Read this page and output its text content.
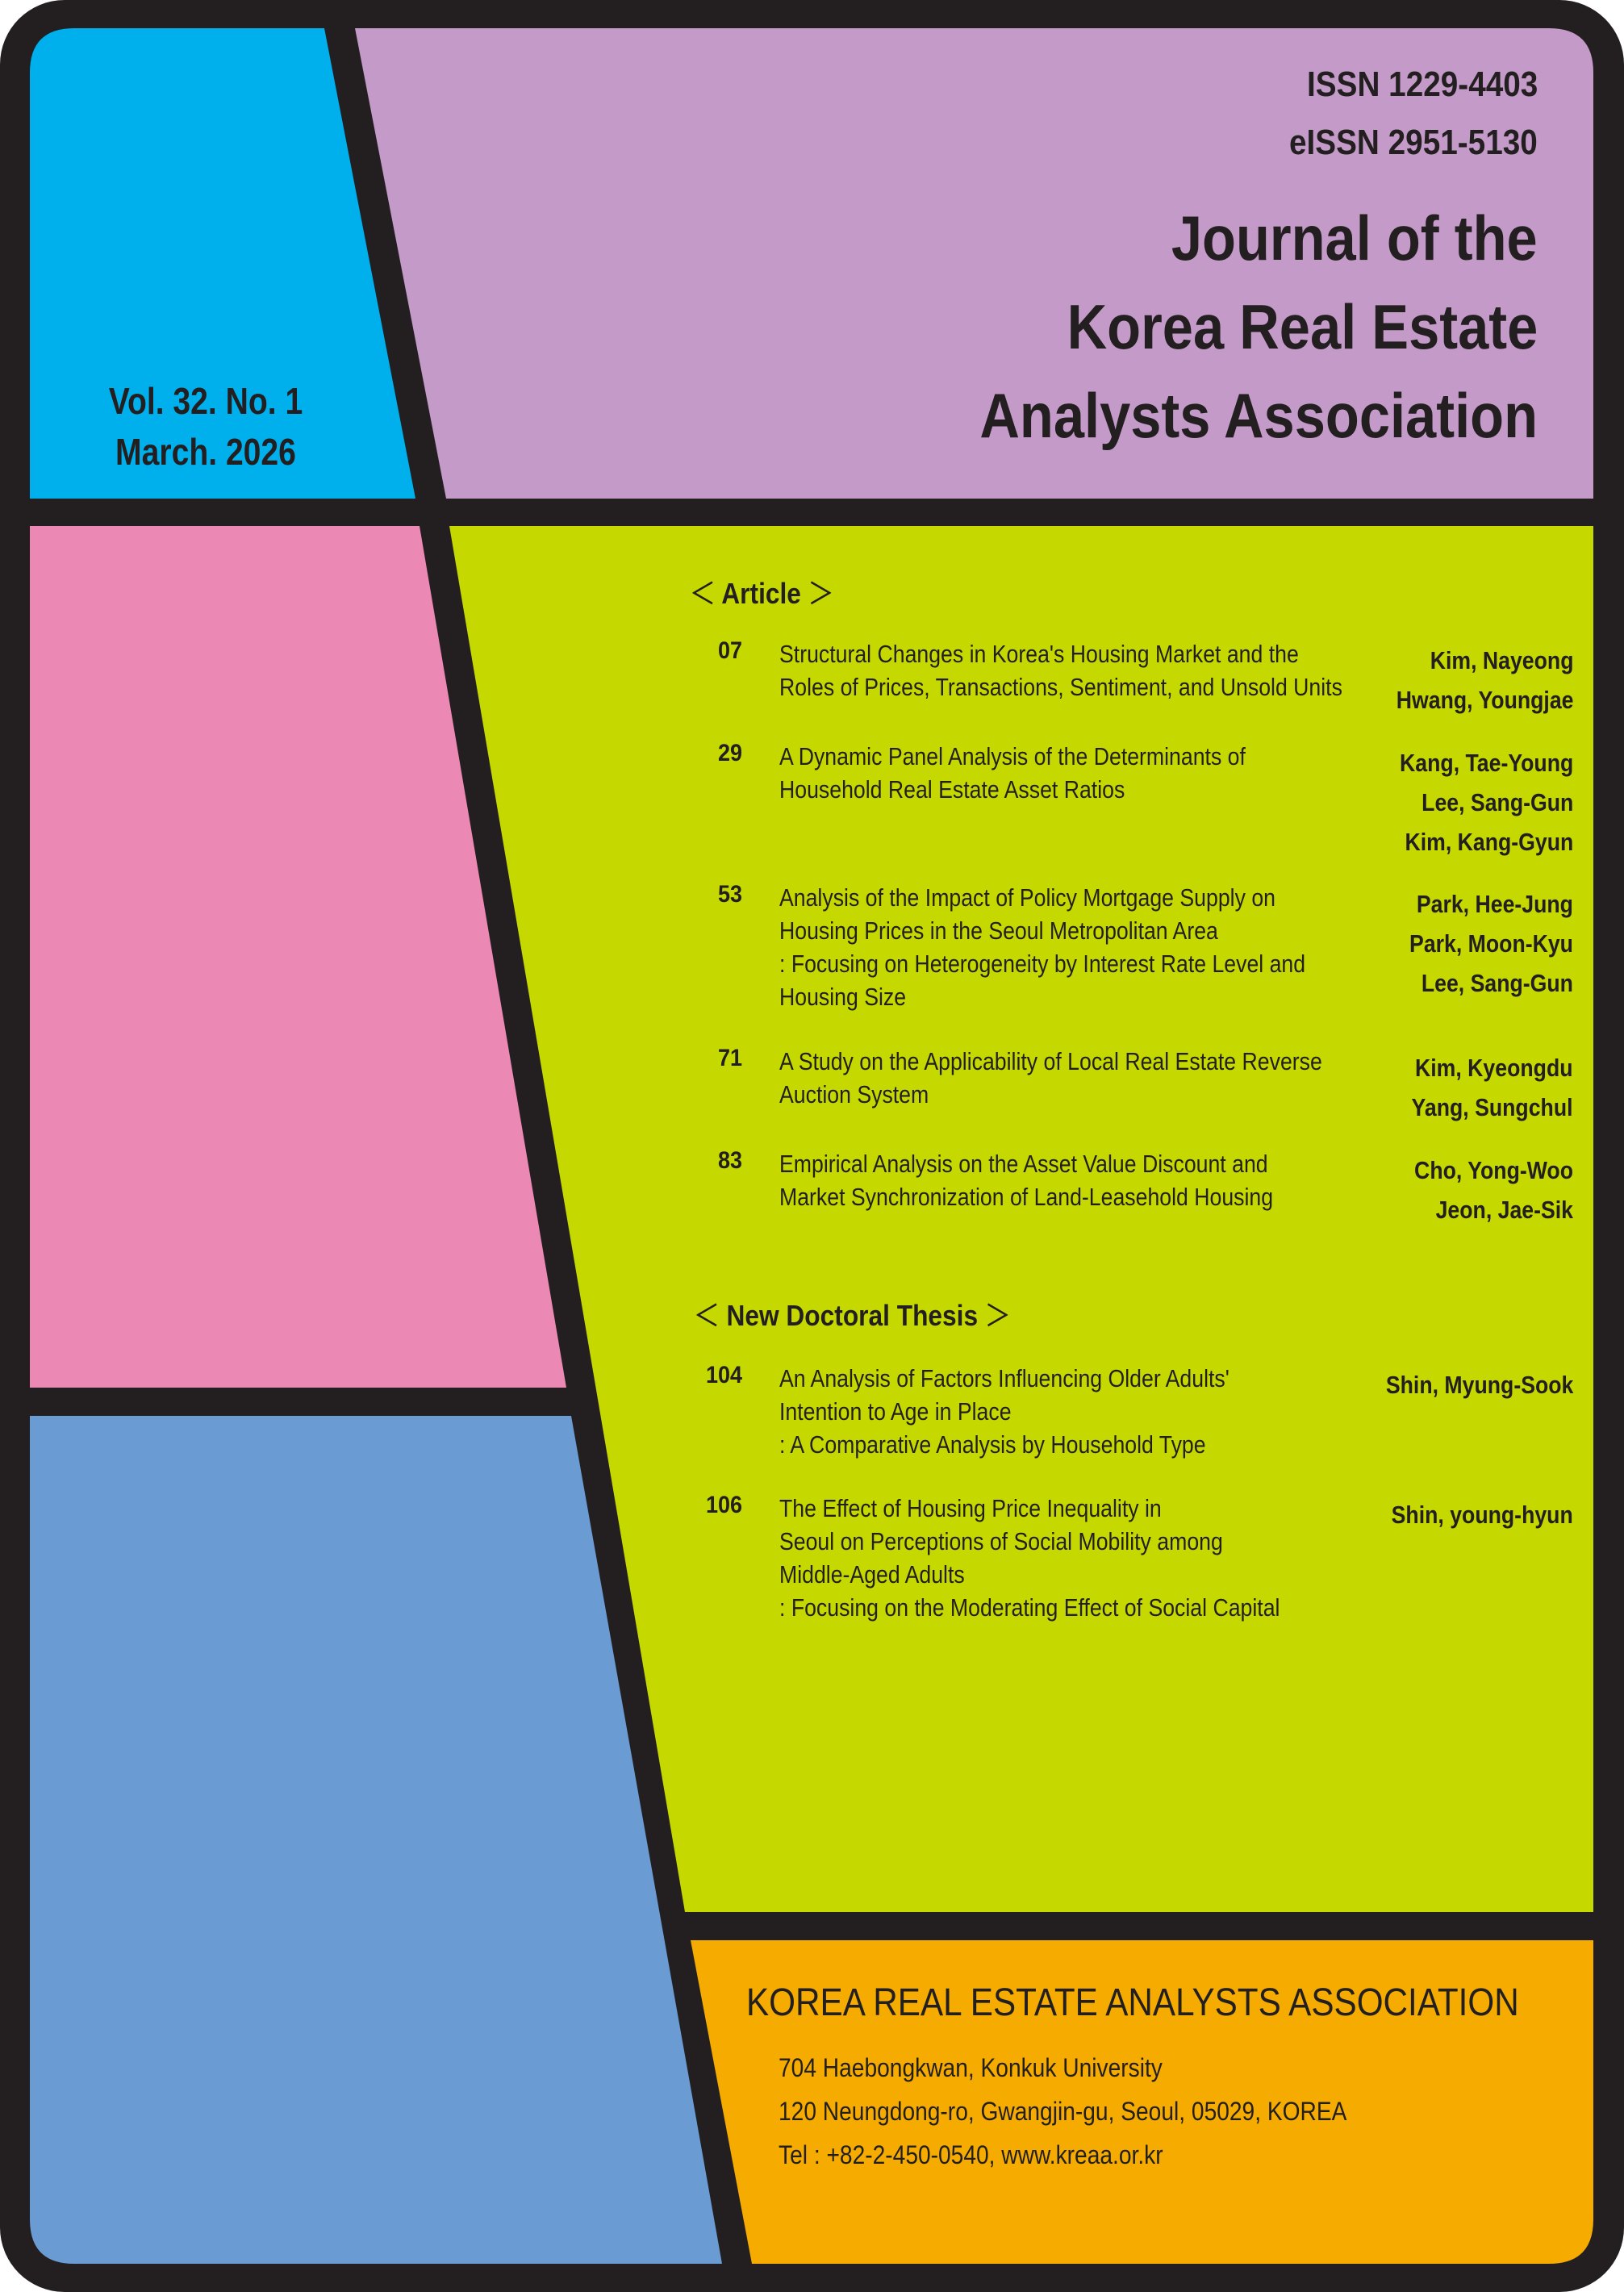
ISSN 1229-4403
eISSN 2951-5130
Journal of the
Korea Real Estate
Analysts Association
Vol. 32. No. 1
March. 2026
＜ Article ＞
07 Structural Changes in Korea's Housing Market and the
Roles of Prices, Transactions, Sentiment, and Unsold Units
Kim, Nayeong
Hwang, Youngjae
29 A Dynamic Panel Analysis of the Determinants of
Household Real Estate Asset Ratios
Kang, Tae-Young
Lee, Sang-Gun
Kim, Kang-Gyun
53 Analysis of the Impact of Policy Mortgage Supply on
Housing Prices in the Seoul Metropolitan Area
: Focusing on Heterogeneity by Interest Rate Level and
Housing Size
Park, Hee-Jung
Park, Moon-Kyu
Lee, Sang-Gun
71 A Study on the Applicability of Local Real Estate Reverse
Auction System
Kim, Kyeongdu
Yang, Sungchul
83 Empirical Analysis on the Asset Value Discount and
Market Synchronization of Land-Leasehold Housing
Cho, Yong-Woo
Jeon, Jae-Sik
＜ New Doctoral Thesis ＞
104 An Analysis of Factors Influencing Older Adults'
Intention to Age in Place
: A Comparative Analysis by Household Type
Shin, Myung-Sook
106 The Effect of Housing Price Inequality in
Seoul on Perceptions of Social Mobility among
Middle-Aged Adults
: Focusing on the Moderating Effect of Social Capital
Shin, young-hyun
KOREA REAL ESTATE ANALYSTS ASSOCIATION
704 Haebongkwan, Konkuk University
120 Neungdong-ro, Gwangjin-gu, Seoul, 05029, KOREA
Tel : +82-2-450-0540, www.kreaa.or.kr
